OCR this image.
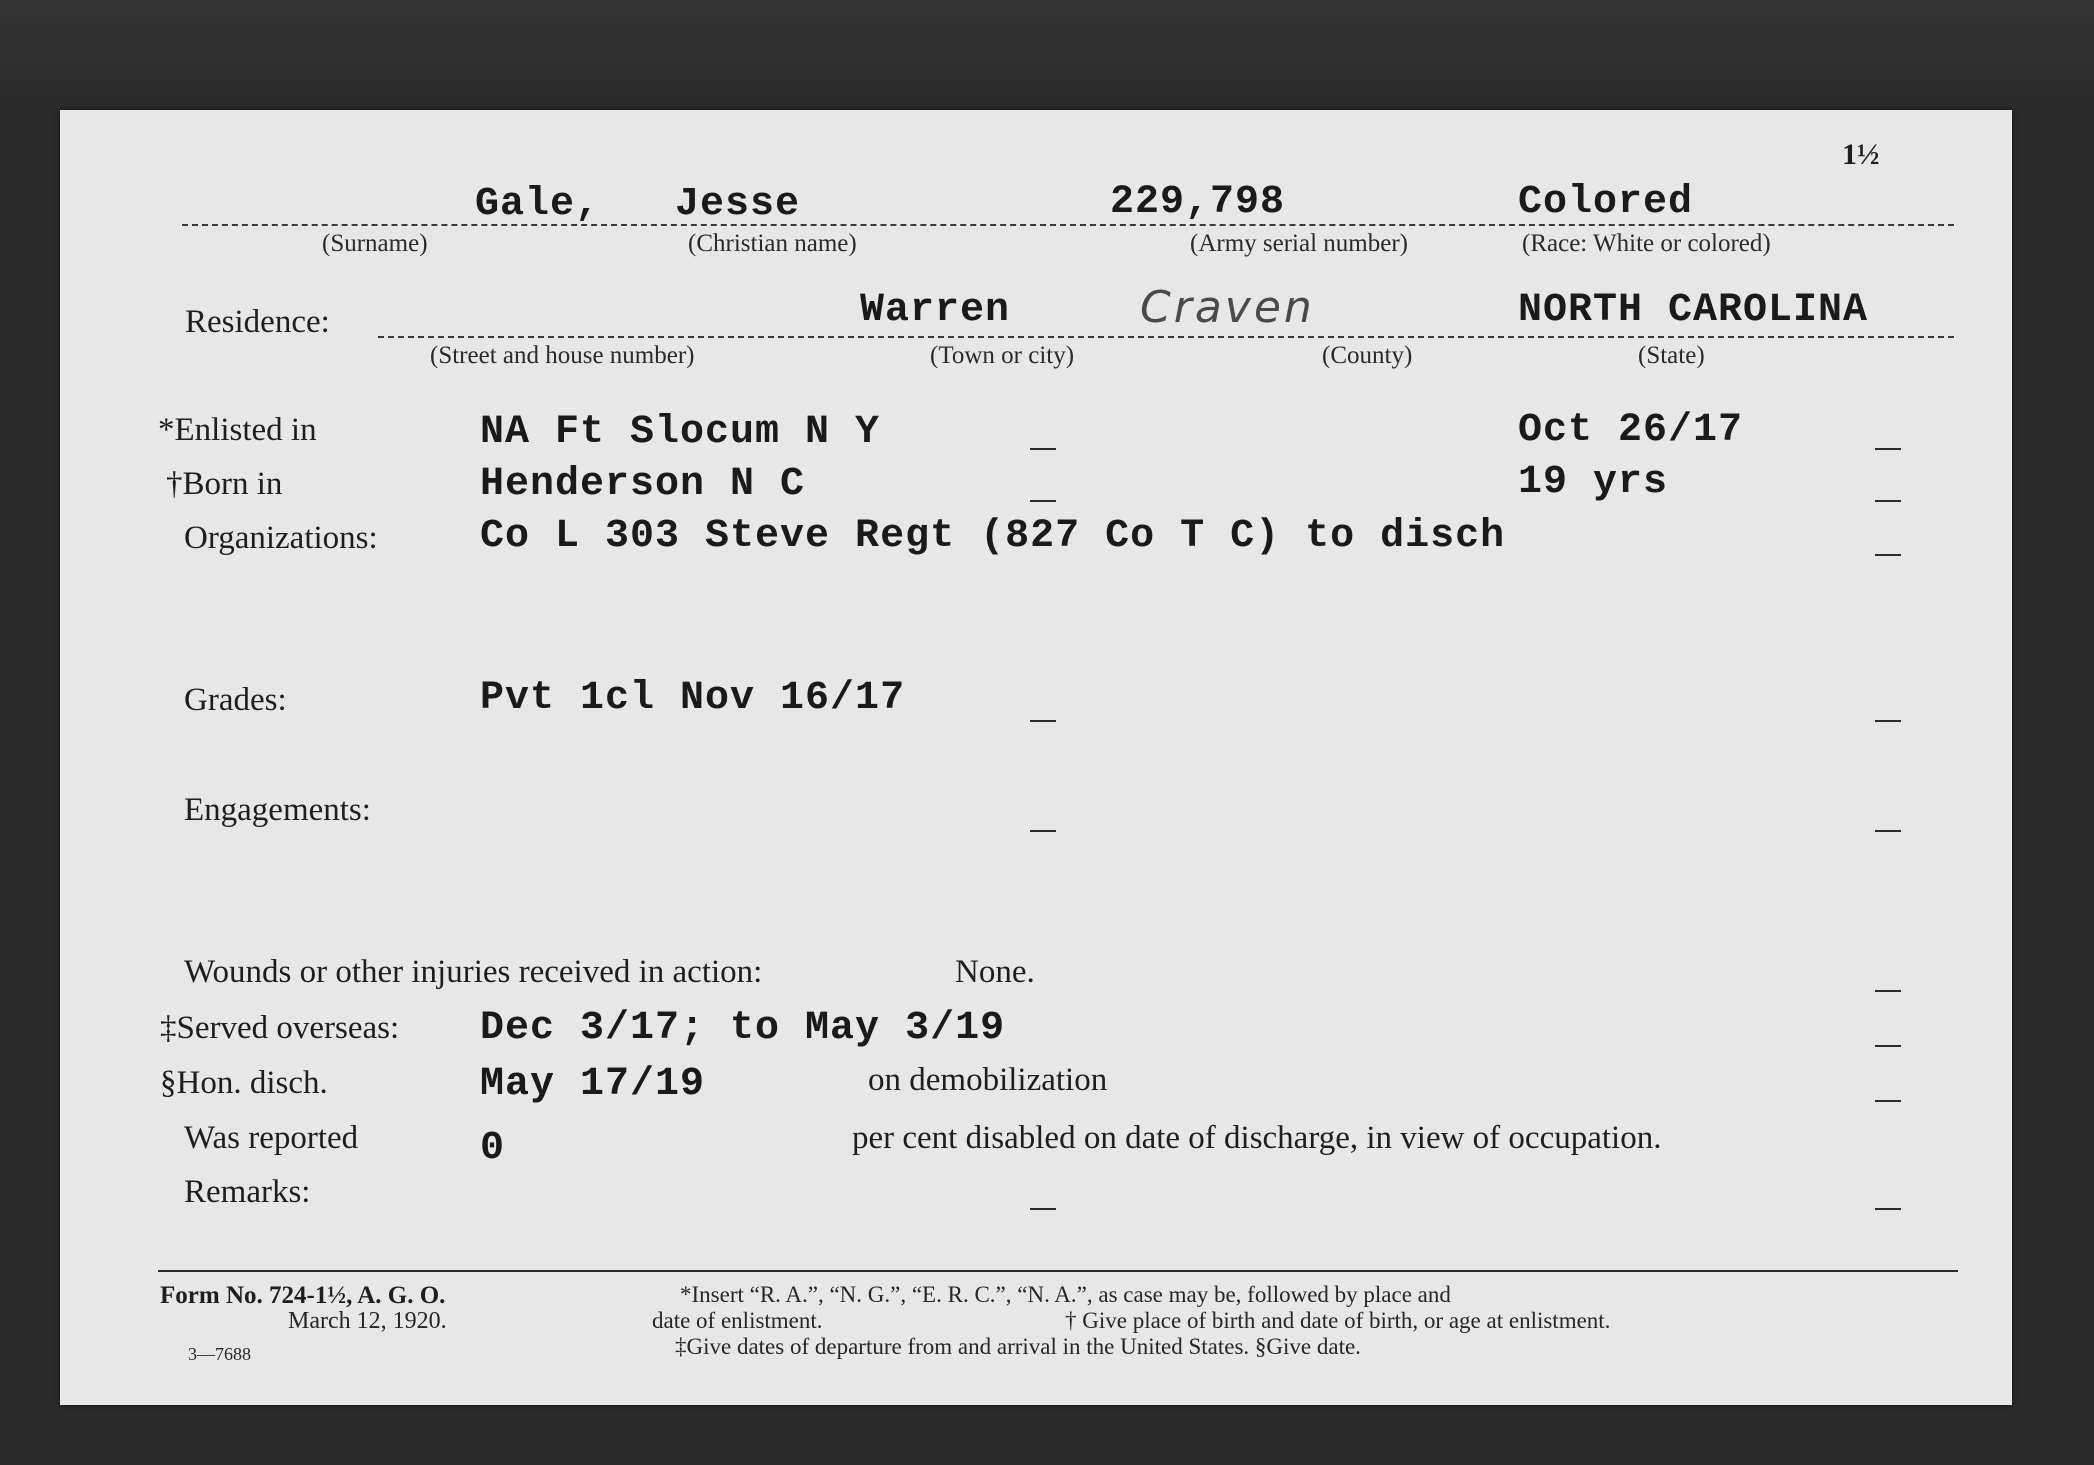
1½
Gale, Jesse	229,798	Colored
(Surname)	(Christian name)	(Army serial number)	(Race: White or colored)
Residence:	Warren	Craven	NORTH CAROLINA
(Street and house number)	(Town or city)	(County)	(State)
*Enlisted in	NA Ft Slocum N Y	Oct 26/17
†Born in	Henderson N C	19 yrs
Organizations:	Co L 303 Steve Regt (827 Co T C) to disch
Grades:	Pvt 1cl Nov 16/17
Engagements:
Wounds or other injuries received in action:	None.
‡Served overseas: Dec 3/17; to May 3/19
§Hon. disch.	May 17/19	on demobilization
Was reported	0	per cent disabled on date of discharge, in view of occupation.
Remarks:
Form No. 724-1½, A. G. O.
March 12, 1920.
3—7688
*Insert “R. A.”, “N. G.”, “E. R. C.”, “N. A.”, as case may be, followed by place and
date of enlistment.	† Give place of birth and date of birth, or age at enlistment.
‡Give dates of departure from and arrival in the United States. §Give date.
